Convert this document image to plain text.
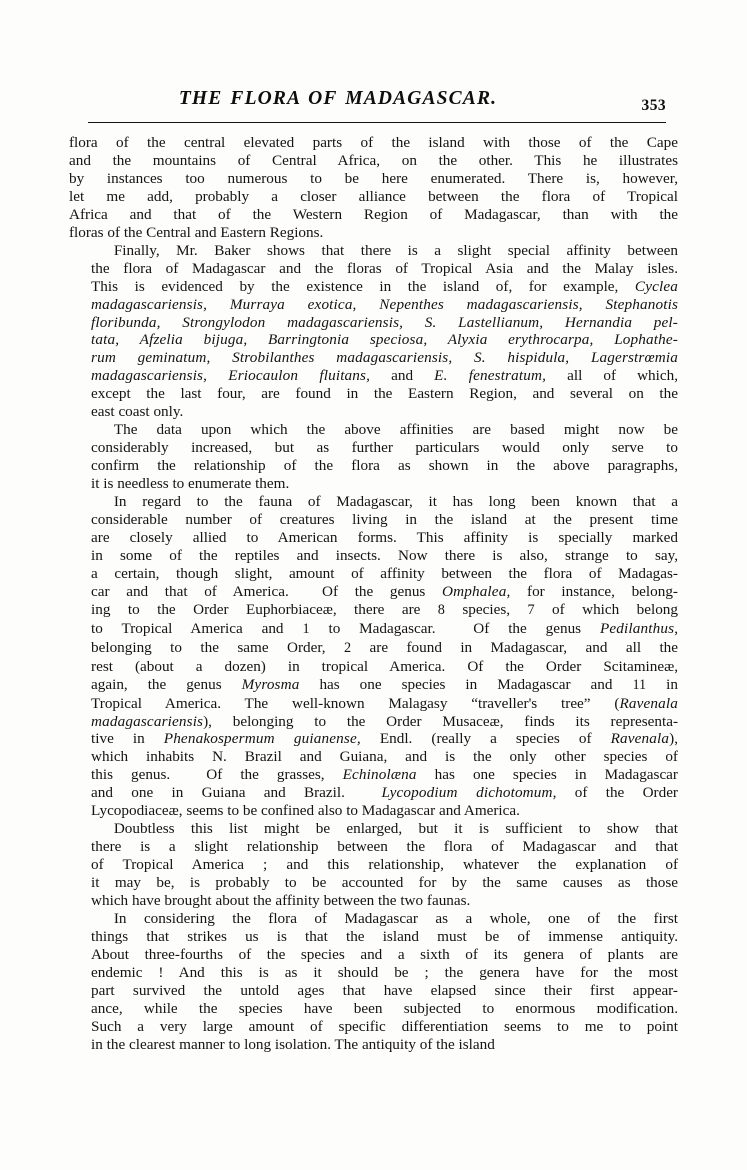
THE FLORA OF MADAGASCAR.	353

flora of the central elevated parts of the island with those of the Cape
and the mountains of Central Africa, on the other. This he illustrates
by instances too numerous to be here enumerated. There is, however,
let me add, probably a closer alliance between the flora of Tropical
Africa and that of the Western Region of Madagascar, than with the
floras of the Central and Eastern Regions.

Finally, Mr. Baker shows that there is a slight special affinity between
the flora of Madagascar and the floras of Tropical Asia and the Malay isles.
This is evidenced by the existence in the island of, for example, Cyclea
madagascariensis, Murraya exotica, Nepenthes madagascariensis, Stephanotis
floribunda, Strongylodon madagascariensis, S. Lastellianum, Hernandia pel-
tata, Afzelia bijuga, Barringtonia speciosa, Alyxia erythrocarpa, Lophathe-
rum geminatum, Strobilanthes madagascariensis, S. hispidula, Lagerstrœmia
madagascariensis, Eriocaulon fluitans, and E. fenestratum, all of which,
except the last four, are found in the Eastern Region, and several on the
east coast only.

The data upon which the above affinities are based might now be
considerably increased, but as further particulars would only serve to
confirm the relationship of the flora as shown in the above paragraphs,
it is needless to enumerate them.

In regard to the fauna of Madagascar, it has long been known that a
considerable number of creatures living in the island at the present time
are closely allied to American forms. This affinity is specially marked
in some of the reptiles and insects. Now there is also, strange to say,
a certain, though slight, amount of affinity between the flora of Madagas-
car and that of America.  Of the genus Omphalea, for instance, belong-
ing to the Order Euphorbiaceæ, there are 8 species, 7 of which belong
to Tropical America and 1 to Madagascar.  Of the genus Pedilanthus,
belonging to the same Order, 2 are found in Madagascar, and all the
rest (about a dozen) in tropical America. Of the Order Scitamineæ,
again, the genus Myrosma has one species in Madagascar and 11 in
Tropical America. The well-known Malagasy “traveller's tree” (Ravenala
madagascariensis), belonging to the Order Musaceæ, finds its representa-
tive in Phenakospermum guianense, Endl. (really a species of Ravenala),
which inhabits N. Brazil and Guiana, and is the only other species of
this genus.  Of the grasses, Echinolæna has one species in Madagascar
and one in Guiana and Brazil.  Lycopodium dichotomum, of the Order
Lycopodiaceæ, seems to be confined also to Madagascar and America.

Doubtless this list might be enlarged, but it is sufficient to show that
there is a slight relationship between the flora of Madagascar and that
of Tropical America ; and this relationship, whatever the explanation of
it may be, is probably to be accounted for by the same causes as those
which have brought about the affinity between the two faunas.

In considering the flora of Madagascar as a whole, one of the first
things that strikes us is that the island must be of immense antiquity.
About three-fourths of the species and a sixth of its genera of plants are
endemic ! And this is as it should be ; the genera have for the most
part survived the untold ages that have elapsed since their first appear-
ance, while the species have been subjected to enormous modification.
Such a very large amount of specific differentiation seems to me to point
in the clearest manner to long isolation. The antiquity of the island
